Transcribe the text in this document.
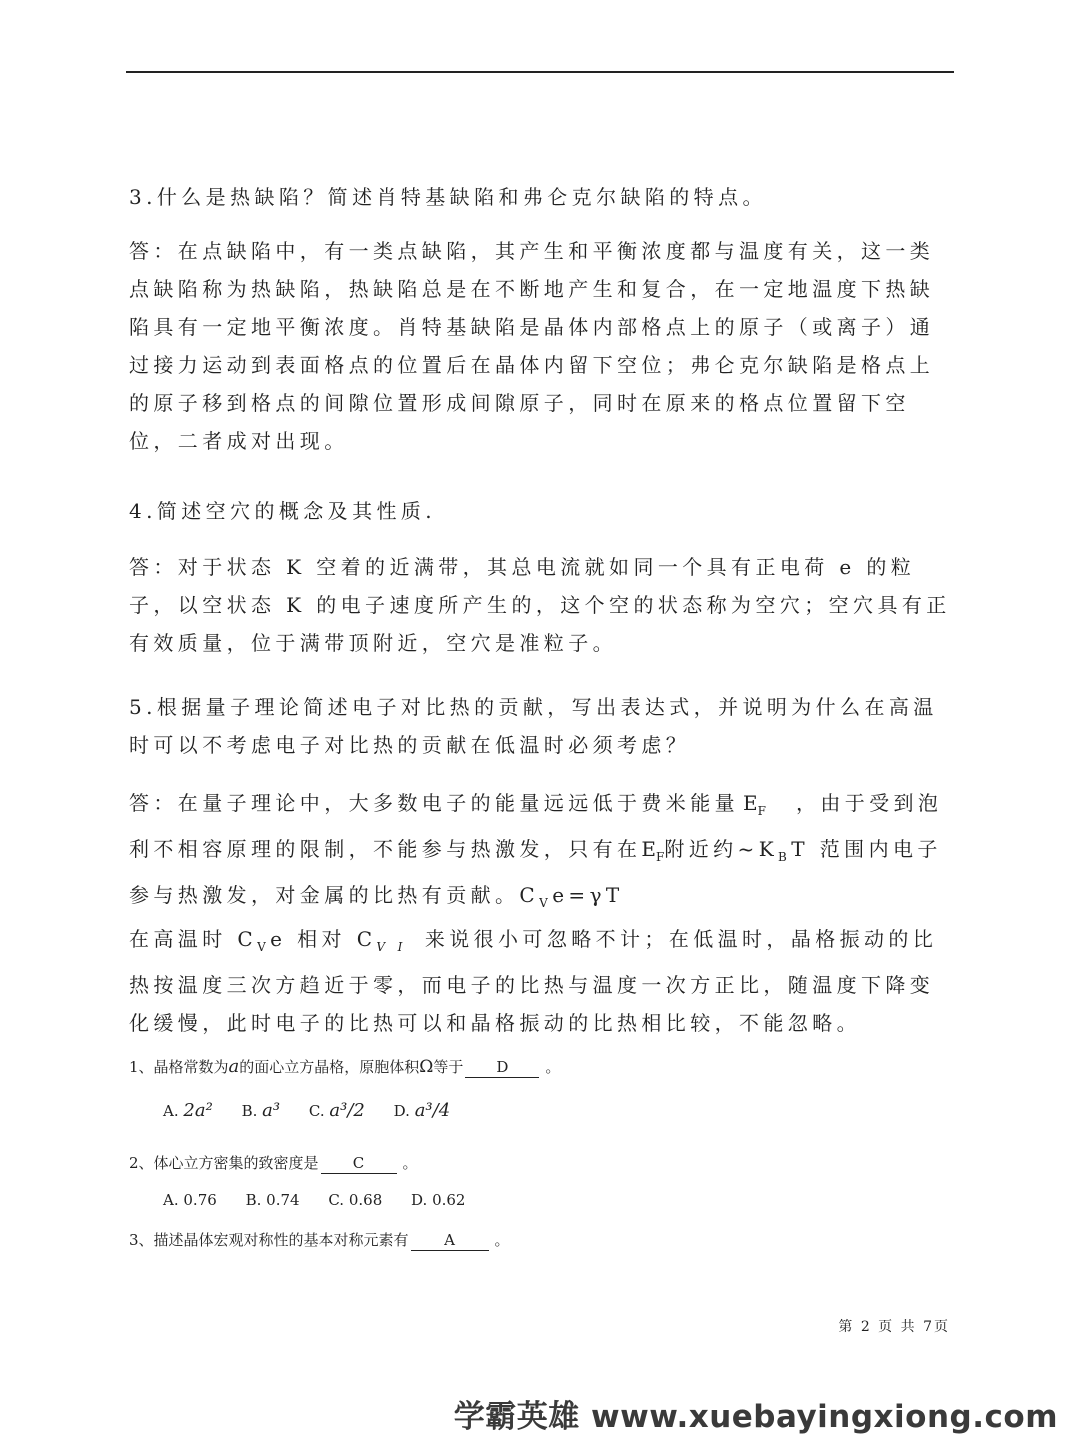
3.什么是热缺陷？简述肖特基缺陷和弗仑克尔缺陷的特点。

答：在点缺陷中，有一类点缺陷，其产生和平衡浓度都与温度有关，这一类点缺陷称为热缺陷，热缺陷总是在不断地产生和复合，在一定地温度下热缺陷具有一定地平衡浓度。肖特基缺陷是晶体内部格点上的原子（或离子）通过接力运动到表面格点的位置后在晶体内留下空位；弗仑克尔缺陷是格点上的原子移到格点的间隙位置形成间隙原子，同时在原来的格点位置留下空位，二者成对出现。

4.简述空穴的概念及其性质.

答：对于状态 K 空着的近满带，其总电流就如同一个具有正电荷 e 的粒子，以空状态 K 的电子速度所产生的，这个空的状态称为空穴；空穴具有正有效质量，位于满带顶附近，空穴是准粒子。

5.根据量子理论简述电子对比热的贡献，写出表达式，并说明为什么在高温时可以不考虑电子对比热的贡献在低温时必须考虑？

答：在量子理论中，大多数电子的能量远远低于费米能量 $E_F$ ，由于受到泡利不相容原理的限制，不能参与热激发，只有在$E_F$附近约$\sim K_BT$ 范围内电子参与热激发，对金属的比热有贡献。$C_Ve=\gamma T$

在高温时 $C_Ve$ 相对 $C_{V I}$ 来说很小可忽略不计；在低温时，晶格振动的比热按温度三次方趋近于零，而电子的比热与温度一次方正比，随温度下降变化缓慢，此时电子的比热可以和晶格振动的比热相比较，不能忽略。

1、晶格常数为a的面心立方晶格，原胞体积Ω等于 D 。
A. 2a² B. a³ C. a³/2 D. a³/4
2、体心立方密集的致密度是 C	。
A. 0.76 B. 0.74 C. 0.68 D. 0.62
3、描述晶体宏观对称性的基本对称元素有 A	。
第 2 页 共 7页
学霸英雄 www.xuebayingxiong.com
